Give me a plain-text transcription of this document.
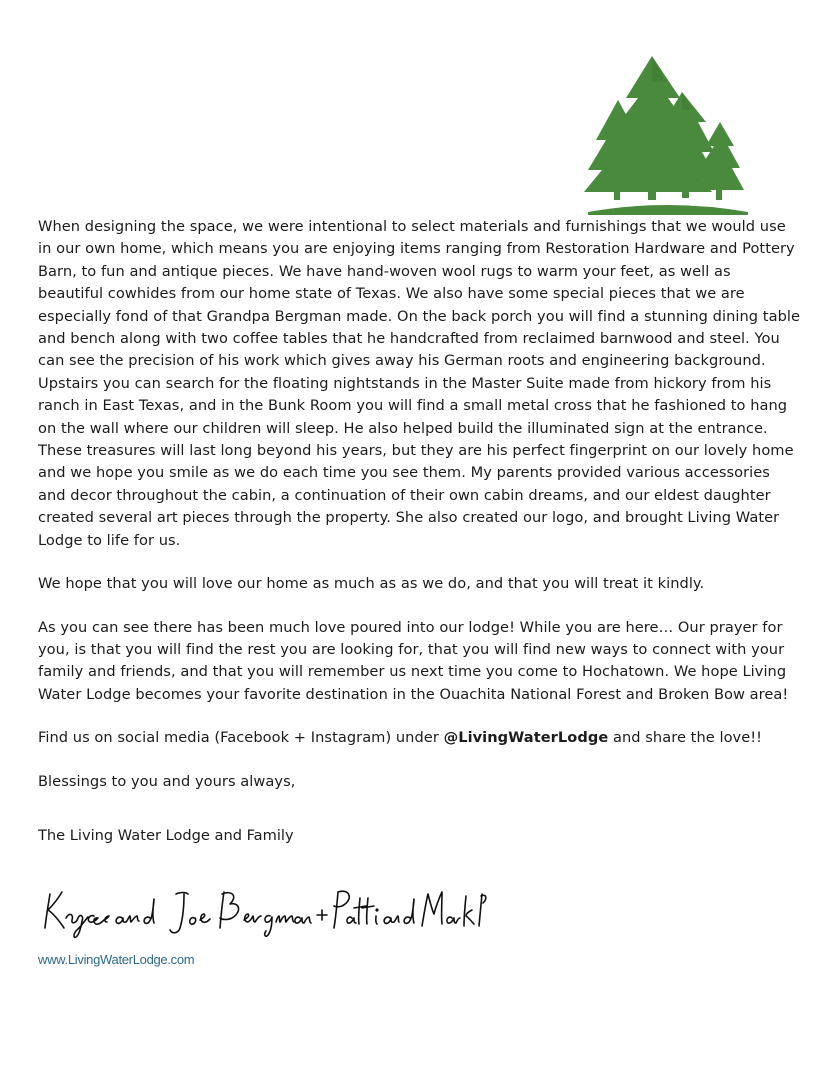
When designing the space, we were intentional to select materials and furnishings that we would use in our own home, which means you are enjoying items ranging from Restoration Hardware and Pottery Barn, to fun and antique pieces. We have hand-woven wool rugs to warm your feet, as well as beautiful cowhides from our home state of Texas. We also have some special pieces that we are especially fond of that Grandpa Bergman made. On the back porch you will find a stunning dining table and bench along with two coffee tables that he handcrafted from reclaimed barnwood and steel. You can see the precision of his work which gives away his German roots and engineering background. Upstairs you can search for the floating nightstands in the Master Suite made from hickory from his ranch in East Texas, and in the Bunk Room you will find a small metal cross that he fashioned to hang on the wall where our children will sleep. He also helped build the illuminated sign at the entrance. These treasures will last long beyond his years, but they are his perfect fingerprint on our lovely home and we hope you smile as we do each time you see them. My parents provided various accessories and decor throughout the cabin, a continuation of their own cabin dreams, and our eldest daughter created several art pieces through the property. She also created our logo, and brought Living Water Lodge to life for us.

We hope that you will love our home as much as as we do, and that you will treat it kindly.

As you can see there has been much love poured into our lodge! While you are here… Our prayer for you, is that you will find the rest you are looking for, that you will find new ways to connect with your family and friends, and that you will remember us next time you come to Hochatown. We hope Living Water Lodge becomes your favorite destination in the Ouachita National Forest and Broken Bow area!

Find us on social media (Facebook + Instagram) under @LivingWaterLodge and share the love!!

Blessings to you and yours always,

The Living Water Lodge and Family
www.LivingWaterLodge.com
